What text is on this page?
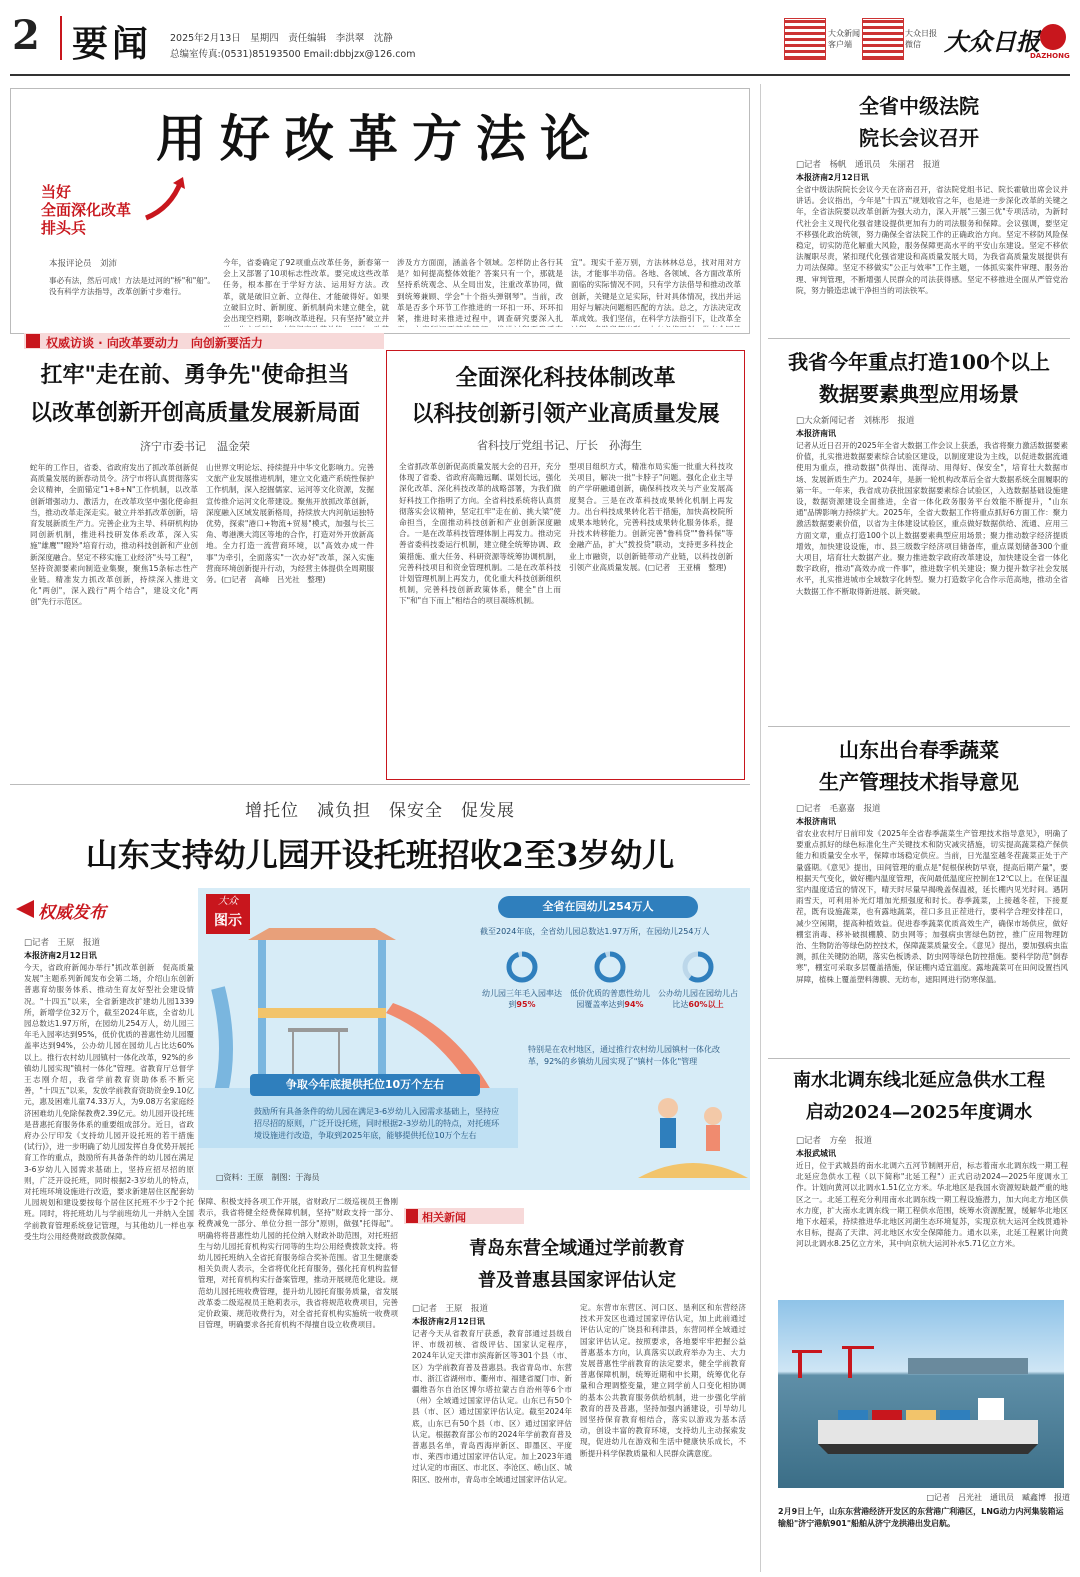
2 要闻 2025年2月13日　星期四　责任编辑　李洪翠　沈静
总编室传真:(0531)85193500 Email:dbbjzx@126.com
大众新闻
客户端
大众日报
微信 大众日报
DAZHONG
用好改革方法论
当好
全面深化改革
排头兵
本报评论员　刘沛
事必有法，然后可成！方法是过河的"桥"和"船"。没有科学方法指导，改革创新寸步难行。
今年，省委确定了92项重点改革任务，新春第一会上又部署了10项标志性改革。要完成这些改革任务，根本都在于学好方法、运用好方法。改革，就是破旧立新、立得住、才能破得好。如果立破旧立时、新制度、新机制尚未建立健全，就会出现空档期，影响改革进程。只有坚持"破立并
涉及方方面面，涵盖各个领域。怎样防止各行其是？如何提高整体效能？答案只有一个，那就是坚持系统观念、从全局出发，注重改革协同，做到统筹兼顾、学会"十个指头弹钢琴"。当前，改革是否多个环节工作推进的一环扣一环、环环扣紧，推进时来推进过程中，调查研究要深入扎
宜"。现实千差万别，方法林林总总，找对用对方法，才能事半功倍。各地、各领域、各方面改革所面临的实际情况不同，只有学方法借导和推动改革创新，关键是立足实际，针对具体情况，找出并运用好与解决问题相匹配的方法。总之，方法决定改革成效。我们坚信，在科学方法指引下，让改革全
权威访谈 · 向改革要动力　向创新要活力
扛牢"走在前、勇争先"使命担当
以改革创新开创高质量发展新局面
济宁市委书记　温金荣
蛇年的工作日，省委、省政府发出了抓改革创新促高质量发展的新春动员令。济宁市将认真贯彻落实会议精神，全面锚定"1+8+N"工作机制，以改革创新增强动力、激活力，在改革攻坚中强化使命担当，推动改革走深走实。破立并举抓改革创新，培育发展新质生产力。完善企业为主导、科研机构协同创新机制，推进科技研发体系改革，深入实施"雄鹰""瞪羚"培育行动，推动科技创新和产业创新深度融合。坚定不移实施工业经济"头号工程"，坚持资源要素向制造业集聚，聚焦15条标志性产业链。精准发力抓改革创新，持续深入推进文化"两创"，深入践行"两个结合"，建设文化"两创"先行示范区。
山世界文明论坛、持续提升中华文化影响力。完善文旅产业发展推进机制，建立文化遗产系统性保护工作机制，深入挖掘儒家、运河等文化资源，发掘宣传推介运河文化带建设。聚焦开放抓改革创新，深度融入区域发展新格局，持续放大内河航运独特优势，探索"港口+物流+贸易"模式，加强与长三角、粤港澳大湾区等地的合作，打造对外开放新高地。全力打造一流营商环境，以"高效办成一件事"为牵引，全面落实"一次办好"改革，深入实施营商环境创新提升行动，为经营主体提供全周期服务。(□记者　高峰　吕光社　整理)
全面深化科技体制改革
以科技创新引领产业高质量发展
省科技厅党组书记、厅长　孙海生
全省抓改革创新促高质量发展大会的召开，充分体现了省委、省政府高瞻远瞩、谋划长远，强化深化改革、深化科技改革的战略部署，为我们做好科技工作指明了方向。全省科技系统将认真贯彻落实会议精神，坚定扛牢"走在前、挑大梁"使命担当，全面推动科技创新和产业创新深度融合。一是在改革科技管理体制上再发力。推动完善省委科技委运行机制，建立健全统筹协调、政策措施、重大任务、科研资源等统筹协调机制，完善科技项目和资金管理机制。二是在改革科技计划管理机制上再发力，优化重大科技创新组织机制，完善科技创新政策体系，健全"自上而下"和"自下而上"相结合的项目凝练机制。
型项目组织方式，精准布局实施一批重大科技攻关项目，解决一批"卡脖子"问题。强化企业主导的产学研融通创新，确保科技攻关与产业发展高度契合。三是在改革科技成果转化机制上再发力。出台科技成果转化若干措施，加快高校院所成果本地转化，完善科技成果转化服务体系，提升技术转移能力。创新完善"鲁科贷""鲁科保"等金融产品，扩大"拨投贷"联动，支持更多科技企业上市融资，以创新链带动产业链，以科技创新引领产业高质量发展。(□记者　王亚楠　整理)
增托位　减负担　保安全　促发展
山东支持幼儿园开设托班招收2至3岁幼儿
权威发布
□记者　王原　报道
本报济南2月12日讯
今天，省政府新闻办举行"抓改革创新　促高质量发展"主题系列新闻发布会第二场，介绍山东创新普惠育幼服务体系、推动生育友好型社会建设情况。"十四五"以来，全省新建改扩建幼儿园1339所，新增学位32万个，截至2024年底，全省幼儿园总数达1.97万所，在园幼儿254万人，幼儿园三年毛入园率达到95%，低价优质的普惠性幼儿园覆盖率达到94%，公办幼儿园在园幼儿占比达60%以上。推行农村幼儿园镇村一体化改革，92%的乡镇幼儿园实现"镇村一体化"管理。省教育厅总督学王志刚介绍，我省学前教育资助体系不断完善，"十四五"以来，发放学前教育资助资金9.10亿元，惠及困难儿童74.33万人，为9.08万名家庭经济困难幼儿免除保教费2.39亿元。幼儿园开设托班是普惠托育服务体系的重要组成部分。近日，省政府办公厅印发《支持幼儿园开设托班的若干措施(试行)》，进一步明确了幼儿园发挥自身优势开展托育工作的重点，鼓励所有具备条件的幼儿园在满足3-6岁幼儿入园需求基础上，坚持应招尽招的原则，广泛开设托班，同时根据2-3岁幼儿的特点，对托班环境设施进行改造，要求新建居住区配套幼儿园规划和建设要按每个居住区托班不少于2个托班。同时，将托班幼儿与学前班幼儿一并纳入全国学前教育管理系统登记管理，与其他幼儿一样也享受生均公用经费财政拨款保障。
大众
图示
全省在园幼儿254万人
截至2024年底，全省幼儿园总数达1.97万所，在园幼儿254万人
幼儿园三年毛入园率达到95%
低价优质的普惠性幼儿园覆盖率达到94%
公办幼儿园在园幼儿占比达60%以上
特别是在农村地区，通过推行农村幼儿园镇村一体化改革，92%的乡镇幼儿园实现了"镇村一体化"管理
争取今年底提供托位10万个左右
鼓励所有具备条件的幼儿园在满足3-6岁幼儿入园需求基础上，坚持应招尽招的原则，广泛开设托班，同时根据2-3岁幼儿的特点，对托班环境设施进行改造，争取到2025年底，能够提供托位10万个左右
□资料：王原　制图：于海员
保障、积极支持各项工作开展，省财政厅二级巡视员王鲁刚表示，我省将健全经费保障机制，坚持"财政支持一部分、税费减免一部分、单位分担一部分"原则，做强"托得起"。明确将将普惠性幼儿园的托位纳入财政补助范围，对托班招生与幼儿园托育机构实行同等的生均公用经费拨款支持。将幼儿园托班纳入全省托育服务综合奖补范围。省卫生健康委相关负责人表示，全省将优化托育服务，强化托育机构监督管理，对托育机构实行备案管理，推动开展规范化建设。规范幼儿园托班收费管理，提升幼儿园托育服务质量，省发展改革委二级巡视员王艳莉表示，我省将规范收费项目，完善定价政策、规范收费行为，对全省托育机构实施统一收费项目管理，明确要求各托育机构不得擅自设立收费项目。
相关新闻
青岛东营全域通过学前教育
普及普惠县国家评估认定
□记者　王原　报道
本报济南2月12日讯
记者今天从省教育厅获悉，教育部通过县级自评、市级初核、省级评估、国家认定程序，2024年认定天津市滨海新区等301个县（市、区）为学前教育普及普惠县。我省青岛市、东营市、浙江省湖州市、衢州市、福建省厦门市、新疆维吾尔自治区博尔塔拉蒙古自治州等6个市（州）全域通过国家评估认定。山东已有50个县（市、区）通过国家评估认定。截至2024年底，山东已有50个县（市、区）通过国家评估认定。根据教育部公布的2024年学前教育普及普惠县名单，青岛西海岸新区、即墨区、平度市、莱西市通过国家评估认定。加上2023年通过认定的市南区、市北区、李沧区、崂山区、城阳区、胶州市，青岛市全域通过国家评估认定。
定。东营市东营区、河口区、垦利区和东营经济技术开发区也通过国家评估认定，加上此前通过评估认定的广饶县和利津县，东营同样全域通过国家评估认定。按照要求，各地要牢牢把握公益普惠基本方向，认真落实以政府举办为主、大力发展普惠性学前教育的法定要求，健全学前教育普惠保障机制，统筹近期和中长期，统筹优化存量和合理调整变量，建立同学前人口变化相协调的基本公共教育服务供给机制，进一步强化学前教育的普及普惠，坚持加强内涵建设，引导幼儿园坚持保育教育相结合，落实以游戏为基本活动，创设丰富的教育环境，支持幼儿主动探索发现，促进幼儿在游戏和生活中健康快乐成长，不断提升科学保教质量和人民群众满意度。
全省中级法院
院长会议召开
□记者　杨帆　通讯员　朱丽君　报道
本报济南2月12日讯
全省中级法院院长会议今天在济南召开，省法院党组书记、院长霍敏出席会议并讲话。会议指出，今年是"十四五"规划收官之年，也是进一步深化改革的关键之年，全省法院要以改革创新为强大动力，深入开展"三强三优"专项活动，为新时代社会主义现代化强省建设提供更加有力的司法服务和保障。会议强调，要坚定不移强化政治统领，努力确保全省法院工作的正确政治方向。坚定不移防风险保稳定，切实防范化解重大风险，服务保障更高水平的平安山东建设。坚定不移依法履职尽责，紧扣现代化强省建设和高质量发展大局，为我省高质量发展提供有力司法保障。坚定不移做实"公正与效率"工作主题，一体抓实案件审理、服务治理、审判管理，不断增强人民群众的司法获得感。坚定不移推进全面从严管党治院，努力锻造忠诚干净担当的司法铁军。
我省今年重点打造100个以上
数据要素典型应用场景
□大众新闻记者　刘栋彤　报道
本报济南讯
记者从近日召开的2025年全省大数据工作会议上获悉，我省将聚力激活数据要素价值，扎实推进数据要素综合试验区建设，以制度建设为主线，以促进数据流通使用为重点，推动数据"供得出、流得动、用得好、保安全"，培育壮大数据市场、发展新质生产力。2024年，是新一轮机构改革后全省大数据系统全面履职的第一年。一年来，我省成功获批国家数据要素综合试验区，入选数据基础设施建设，数据资源建设全面推进，全省一体化政务服务平台效能不断提升，"山东通"品牌影响力持续扩大。2025年，全省大数据工作将重点抓好6方面工作：聚力激活数据要素价值，以省为主体建设试验区，重点做好数据供给、流通、应用三方面文章，重点打造100个以上数据要素典型应用场景；聚力推动数字经济提质增效，加快建设设施，市、县三级数字经济项目储备库，重点谋划储备300个重大项目，培育壮大数据产业。聚力推进数字政府改革建设，加快建设全省一体化数字政府，推动"高效办成一件事"，推进数字机关建设；聚力提升数字社会发展水平，扎实推进城市全域数字化转型。聚力打造数字化合作示范高地，推动全省大数据工作不断取得新进展、新突破。
山东出台春季蔬菜
生产管理技术指导意见
□记者　毛嘉嘉　报道
本报济南讯
省农业农村厅日前印发《2025年全省春季蔬菜生产管理技术指导意见》，明确了要重点抓好的绿色标准化生产关键技术和防灾减灾措施，切实提高蔬菜稳产保供能力和质量安全水平，保障市场稳定供应。当前，日光温室越冬茬蔬菜正处于产量盛期。《意见》提出，田间管理的重点是"促根保秧防早衰，提高后期产量"，要根据天气变化，做好棚内温度管理，夜间最低温度应控制在12℃以上。在保证温室内温度适宜的情况下，晴天时尽量早揭晚盖保温被，延长棚内见光时间。遇阴雨雪天，可利用补光灯增加光照强度和时长。春季蔬菜，上接越冬茬，下接夏茬，既有设施蔬菜，也有露地蔬菜，茬口多且正茬进行，要科学合理安排茬口，减少空闲期，提高种植效益。促进春季蔬菜优质高效生产，确保市场供应，做好棚室消毒、移补破损棚膜、防虫网等；加强病虫害绿色防控，推广应用物理防治、生物防治等绿色防控技术，保障蔬菜质量安全。《意见》提出，要加强病虫监测，抓住关键防治期，落实色板诱杀、防虫网等绿色防控措施。要科学防范"倒春寒"，棚室可采取多层覆盖措施，保证棚内适宜温度。露地蔬菜可在田间设置挡风屏障，植株上覆盖塑料薄膜、无纺布，遮阳网进行防寒保温。
南水北调东线北延应急供水工程
启动2024—2025年度调水
□记者　方垒　报道
本报武城讯
近日，位于武城县的南水北调六五河节制闸开启，标志着南水北调东线一期工程北延应急供水工程（以下简称"北延工程"）正式启动2024—2025年度调水工作。计划向黄河以北调水1.51亿立方米。华北地区是我国水资源短缺最严重的地区之一。北延工程充分利用南水北调东线一期工程设施潜力，加大向北方地区供水力度，扩大南水北调东线一期工程供水范围，统筹水资源配置，缓解华北地区地下水超采，持续推进华北地区河湖生态环境复苏，实现京杭大运河全线贯通补水目标，提高了天津、河北地区水安全保障能力。通水以来，北延工程累计向黄河以北调水8.25亿立方米，其中向京杭大运河补水5.71亿立方米。
□记者　吕光社　通讯员　臧鑫博　报道
2月9日上午，山东东营港经济开发区的东营港广利港区，LNG动力内河集装箱运输船"济宁港航901"船舶从济宁龙拱港出发启航。
